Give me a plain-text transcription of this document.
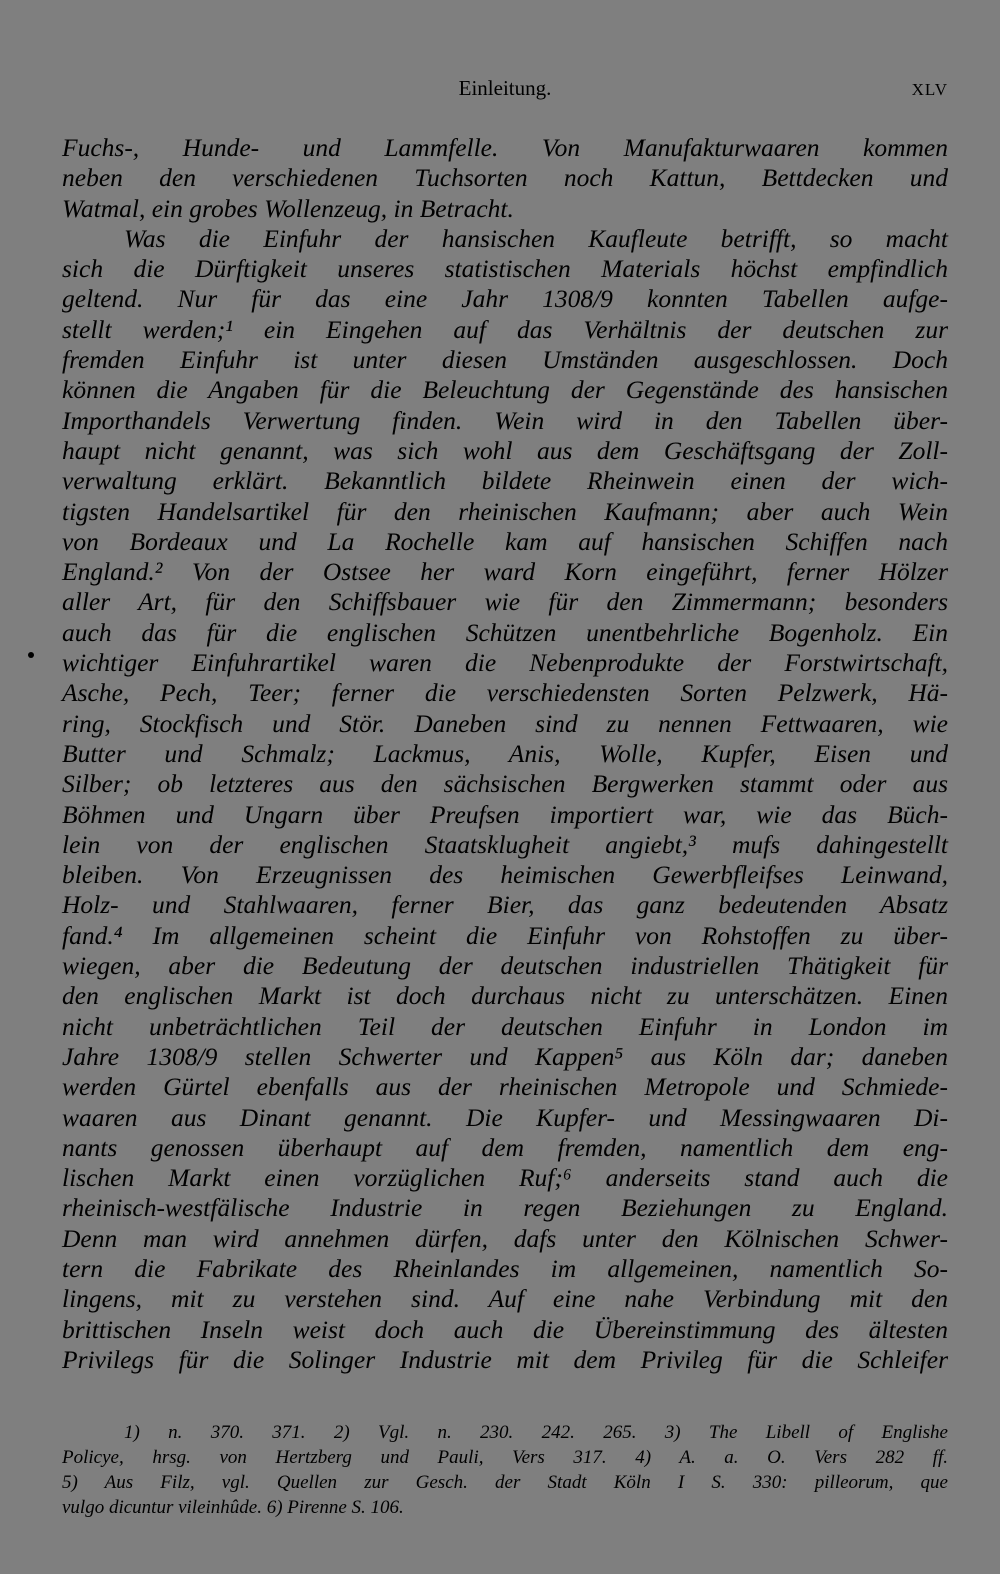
Einleitung.	XLV
Fuchs-, Hunde- und Lammfelle. Von Manufakturwaaren kommen
neben den verschiedenen Tuchsorten noch Kattun, Bettdecken und
Watmal, ein grobes Wollenzeug, in Betracht.
Was die Einfuhr der hansischen Kaufleute betrifft, so macht
sich die Dürftigkeit unseres statistischen Materials höchst empfindlich
geltend. Nur für das eine Jahr 1308/9 konnten Tabellen aufge-
stellt werden;¹ ein Eingehen auf das Verhältnis der deutschen zur
fremden Einfuhr ist unter diesen Umständen ausgeschlossen. Doch
können die Angaben für die Beleuchtung der Gegenstände des hansischen
Importhandels Verwertung finden. Wein wird in den Tabellen über-
haupt nicht genannt, was sich wohl aus dem Geschäftsgang der Zoll-
verwaltung erklärt. Bekanntlich bildete Rheinwein einen der wich-
tigsten Handelsartikel für den rheinischen Kaufmann; aber auch Wein
von Bordeaux und La Rochelle kam auf hansischen Schiffen nach
England.² Von der Ostsee her ward Korn eingeführt, ferner Hölzer
aller Art, für den Schiffsbauer wie für den Zimmermann; besonders
auch das für die englischen Schützen unentbehrliche Bogenholz. Ein
wichtiger Einfuhrartikel waren die Nebenprodukte der Forstwirtschaft,
Asche, Pech, Teer; ferner die verschiedensten Sorten Pelzwerk, Hä-
ring, Stockfisch und Stör. Daneben sind zu nennen Fettwaaren, wie
Butter und Schmalz; Lackmus, Anis, Wolle, Kupfer, Eisen und
Silber; ob letzteres aus den sächsischen Bergwerken stammt oder aus
Böhmen und Ungarn über Preufsen importiert war, wie das Büch-
lein von der englischen Staatsklugheit angiebt,³ mufs dahingestellt
bleiben. Von Erzeugnissen des heimischen Gewerbfleifses Leinwand,
Holz- und Stahlwaaren, ferner Bier, das ganz bedeutenden Absatz
fand.⁴ Im allgemeinen scheint die Einfuhr von Rohstoffen zu über-
wiegen, aber die Bedeutung der deutschen industriellen Thätigkeit für
den englischen Markt ist doch durchaus nicht zu unterschätzen. Einen
nicht unbeträchtlichen Teil der deutschen Einfuhr in London im
Jahre 1308/9 stellen Schwerter und Kappen⁵ aus Köln dar; daneben
werden Gürtel ebenfalls aus der rheinischen Metropole und Schmiede-
waaren aus Dinant genannt. Die Kupfer- und Messingwaaren Di-
nants genossen überhaupt auf dem fremden, namentlich dem eng-
lischen Markt einen vorzüglichen Ruf;⁶ anderseits stand auch die
rheinisch-westfälische Industrie in regen Beziehungen zu England.
Denn man wird annehmen dürfen, dafs unter den Kölnischen Schwer-
tern die Fabrikate des Rheinlandes im allgemeinen, namentlich So-
lingens, mit zu verstehen sind. Auf eine nahe Verbindung mit den
brittischen Inseln weist doch auch die Übereinstimmung des ältesten
Privilegs für die Solinger Industrie mit dem Privileg für die Schleifer
1) n. 370. 371. 2) Vgl. n. 230. 242. 265. 3) The Libell of Englishe
Policye, hrsg. von Hertzberg und Pauli, Vers 317. 4) A. a. O. Vers 282 ff.
5) Aus Filz, vgl. Quellen zur Gesch. der Stadt Köln I S. 330: pilleorum, que
vulgo dicuntur vileinhûde. 6) Pirenne S. 106.
